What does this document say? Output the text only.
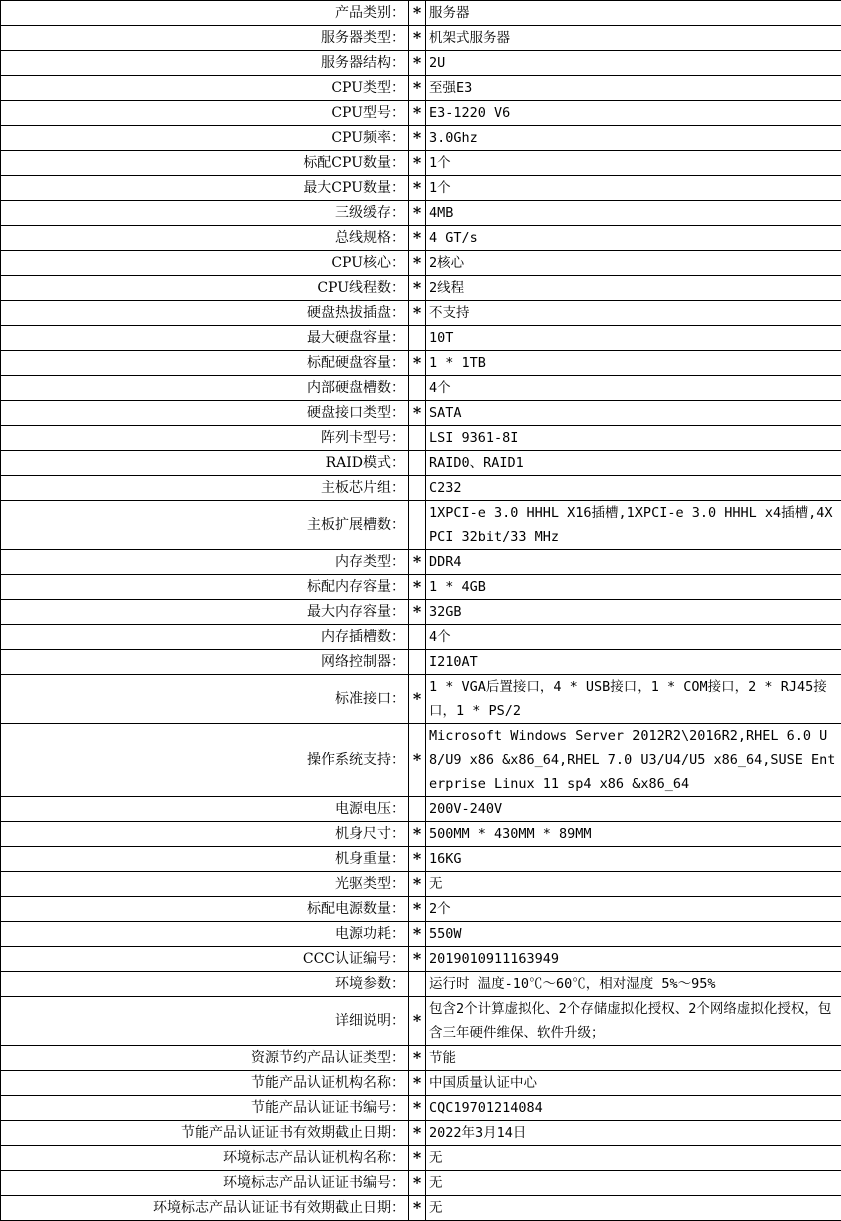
产品类别：	*	服务器
服务器类型：	*	机架式服务器
服务器结构：	*	2U
CPU类型：	*	至强E3
CPU型号：	*	E3-1220 V6
CPU频率：	*	3.0Ghz
标配CPU数量：	*	1个
最大CPU数量：	*	1个
三级缓存：	*	4MB
总线规格：	*	4 GT/s
CPU核心：	*	2核心
CPU线程数：	*	2线程
硬盘热拔插盘：	*	不支持
最大硬盘容量：		10T
标配硬盘容量：	*	1 * 1TB
内部硬盘槽数：		4个
硬盘接口类型：	*	SATA
阵列卡型号：		LSI 9361-8I
RAID模式：		RAID0、RAID1
主板芯片组：		C232
主板扩展槽数：		1XPCI-e 3.0 HHHL X16插槽,1XPCI-e 3.0 HHHL x4插槽,4XPCI 32bit/33 MHz
内存类型：	*	DDR4
标配内存容量：	*	1 * 4GB
最大内存容量：	*	32GB
内存插槽数：		4个
网络控制器：		I210AT
标准接口：	*	1 * VGA后置接口，4 * USB接口，1 * COM接口，2 * RJ45接口，1 * PS/2
操作系统支持：	*	Microsoft Windows Server 2012R2\2016R2,RHEL 6.0 U8/U9 x86 &x86_64,RHEL 7.0 U3/U4/U5 x86_64,SUSE Enterprise Linux 11 sp4 x86 &x86_64
电源电压：		200V-240V
机身尺寸：	*	500MM * 430MM * 89MM
机身重量：	*	16KG
光驱类型：	*	无
标配电源数量：	*	2个
电源功耗：	*	550W
CCC认证编号：	*	2019010911163949
环境参数：		运行时 温度-10℃～60℃，相对湿度 5%～95%
详细说明：	*	包含2个计算虚拟化、2个存储虚拟化授权、2个网络虚拟化授权，包含三年硬件维保、软件升级；
资源节约产品认证类型：	*	节能
节能产品认证机构名称：	*	中国质量认证中心
节能产品认证证书编号：	*	CQC19701214084
节能产品认证证书有效期截止日期：	*	2022年3月14日
环境标志产品认证机构名称：	*	无
环境标志产品认证证书编号：	*	无
环境标志产品认证证书有效期截止日期：	*	无
